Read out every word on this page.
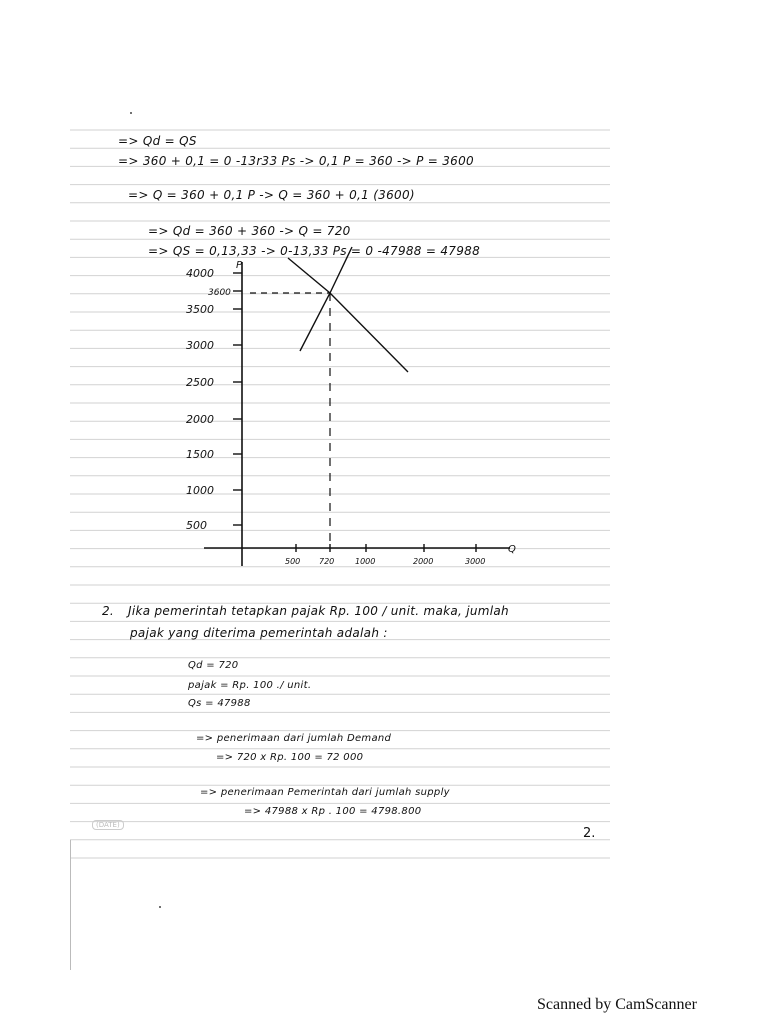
=> Qd = QS
=> 360 + 0,1 = 0 -13r33 Ps -> 0,1 P = 360 -> P = 3600
=> Q = 360 + 0,1 P -> Q = 360 + 0,1 (3600)
=> Qd = 360 + 360 -> Q = 720
=> QS = 0,13,33 -> 0-13,33 Ps = 0 -47988 = 47988
P
Q
4000
3600
3500
3000
2500
2000
1500
1000
500
500 720	1000	2000	3000
2. Jika pemerintah tetapkan pajak Rp. 100 / unit. maka, jumlah
pajak yang diterima pemerintah adalah :
Qd = 720
pajak = Rp. 100 ./ unit.
Qs = 47988
=> penerimaan dari jumlah Demand
=> 720 x Rp. 100 = 72 000
=> penerimaan Pemerintah dari jumlah supply
=> 47988 x Rp . 100 = 4798.800
(DATE)
2.
Scanned by CamScanner
